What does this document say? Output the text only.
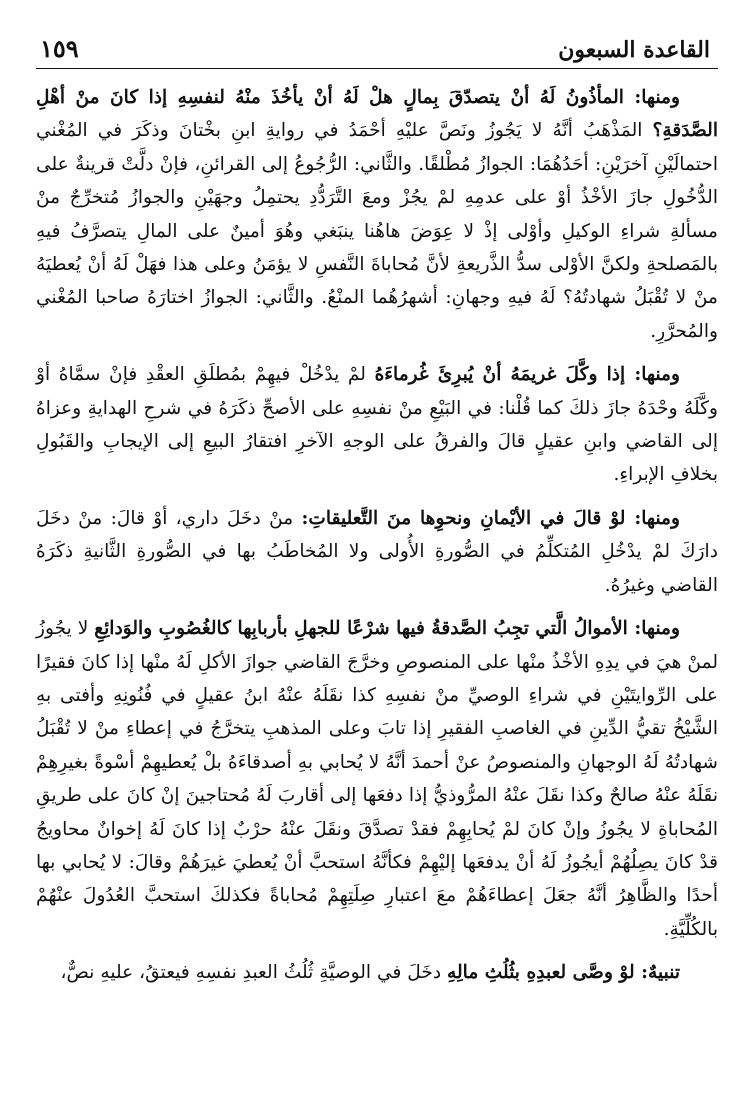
القاعدة السبعون
١٥٩

ومنها: المأذُونُ لَهُ أنْ يتصدّقَ بِمالٍ هلْ لَهُ أنْ يأخُذَ منْهُ لنفسِهِ إذا كانَ منْ أهْلِ الصَّدَقةِ؟ المَذْهَبُ أنَّهُ لا يَجُوزُ ونَصَّ عليْهِ أحْمَدُ في روايةِ ابنِ بخْتانَ وذكَرَ في المُغْني احتمالَيْنِ آخرَيْنِ: أحَدُهُمَا: الجوازُ مُطْلقًا. والثَّاني: الرُّجُوعُ إلى القرائنِ، فإنْ دلَّتْ قرينةٌ على الدُّخُولِ جازَ الأخْذُ أوْ على عدمِهِ لمْ يجُزْ ومعَ التَّرَدُّدِ يحتمِلُ وجهَيْنِ والجوازُ مُتخرِّجٌ منْ مسألةِ شراءِ الوكيلِ وأوْلى إذْ لا عِوَضَ هاهُنا ينبَغي وهُوَ أمينٌ على المالِ يتصرَّفُ فيهِ بالمَصلحةِ ولكنَّ الأوْلى سدُّ الذَّريعةِ لأنَّ مُحاباةَ النَّفسِ لا يؤمَنُ وعلى هذا فهَلْ لَهُ أنْ يُعطيَهُ منْ لا تُقْبَلُ شهادتُهُ؟ لَهُ فيهِ وجهانِ: أشهرُهُما المنْعُ. والثَّاني: الجوازُ اختارَهُ صاحبا المُغْني والمُحرَّرِ.

ومنها: إذا وكَّلَ غريمَهُ أنْ يُبرِئَ غُرماءَهُ لمْ يدْخُلْ فيهِمْ بمُطلَقِ العقْدِ فإنْ سمَّاهُ أوْ وكَّلَهُ وحْدَهُ جازَ ذلكَ كما قُلْنا: في البَيْعِ منْ نفسِهِ على الأصحِّ ذكَرَهُ في شرحِ الهدايةِ وعزاهُ إلى القاضي وابنِ عقيلٍ قالَ والفرقُ على الوجهِ الآخرِ افتقارُ البيعِ إلى الإيجابِ والقَبُولِ بخلافِ الإبراءِ.

ومنها: لوْ قالَ في الأيْمانِ ونحوِها منَ التَّعليقاتِ: منْ دخَلَ داري، أوْ قالَ: منْ دخَلَ دارَكَ لمْ يدْخُلِ المُتكلِّمُ في الصُّورةِ الأُولى ولا المُخاطَبُ بها في الصُّورةِ الثَّانيةِ ذكَرَهُ القاضي وغيرُهُ.

ومنها: الأموالُ الَّتي تجِبُ الصَّدقةُ فيها شرْعًا للجهلِ بأربابِها كالغُصُوبِ والوَدائِعِ لا يجُوزُ لمنْ هيَ في يدِهِ الأخْذُ منْها على المنصوصِ وخرَّجَ القاضي جوازَ الأكلِ لَهُ منْها إذا كانَ فقيرًا على الرِّوايتَيْنِ في شراءِ الوصيِّ منْ نفسِهِ كذا نقَلَهُ عنْهُ ابنُ عقيلٍ في فُنُونِهِ وأفتى بهِ الشَّيْخُ تقيُّ الدِّينِ في الغاصبِ الفقيرِ إذا تابَ وعلى المذهبِ يتخرَّجُ في إعطاءِ منْ لا تُقْبَلُ شهادتُهُ لَهُ الوجهانِ والمنصوصُ عنْ أحمدَ أنَّهُ لا يُحابي بهِ أصدقاءَهُ بلْ يُعطيهِمْ أسْوةً بغيرِهِمْ نقَلَهُ عنْهُ صالحٌ وكذا نقَلَ عنْهُ المرُّوذيُّ إذا دفعَها إلى أقاربَ لَهُ مُحتاجينَ إنْ كانَ على طريقِ المُحاباةِ لا يجُوزُ وإنْ كانَ لمْ يُحابِهِمْ فقدْ تصدَّقَ ونقَلَ عنْهُ حرْبٌ إذا كانَ لَهُ إخوانٌ محاويجُ قدْ كانَ يصِلُهُمْ أيجُوزُ لَهُ أنْ يدفعَها إليْهِمْ فكأنَّهُ استحبَّ أنْ يُعطيَ غيرَهُمْ وقالَ: لا يُحابي بها أحدًا والظَّاهِرُ أنَّهُ جعَلَ إعطاءَهُمْ معَ اعتبارِ صِلَتِهِمْ مُحاباةً فكذلكَ استحبَّ العُدُولَ عنْهُمْ بالكُلِّيَّةِ.

تنبيهٌ: لوْ وصَّى لعبدِهِ بثُلُثِ مالِهِ دخَلَ في الوصيَّةِ ثُلُثُ العبدِ نفسِهِ فيعتقُ، عليهِ نصٌّ،
